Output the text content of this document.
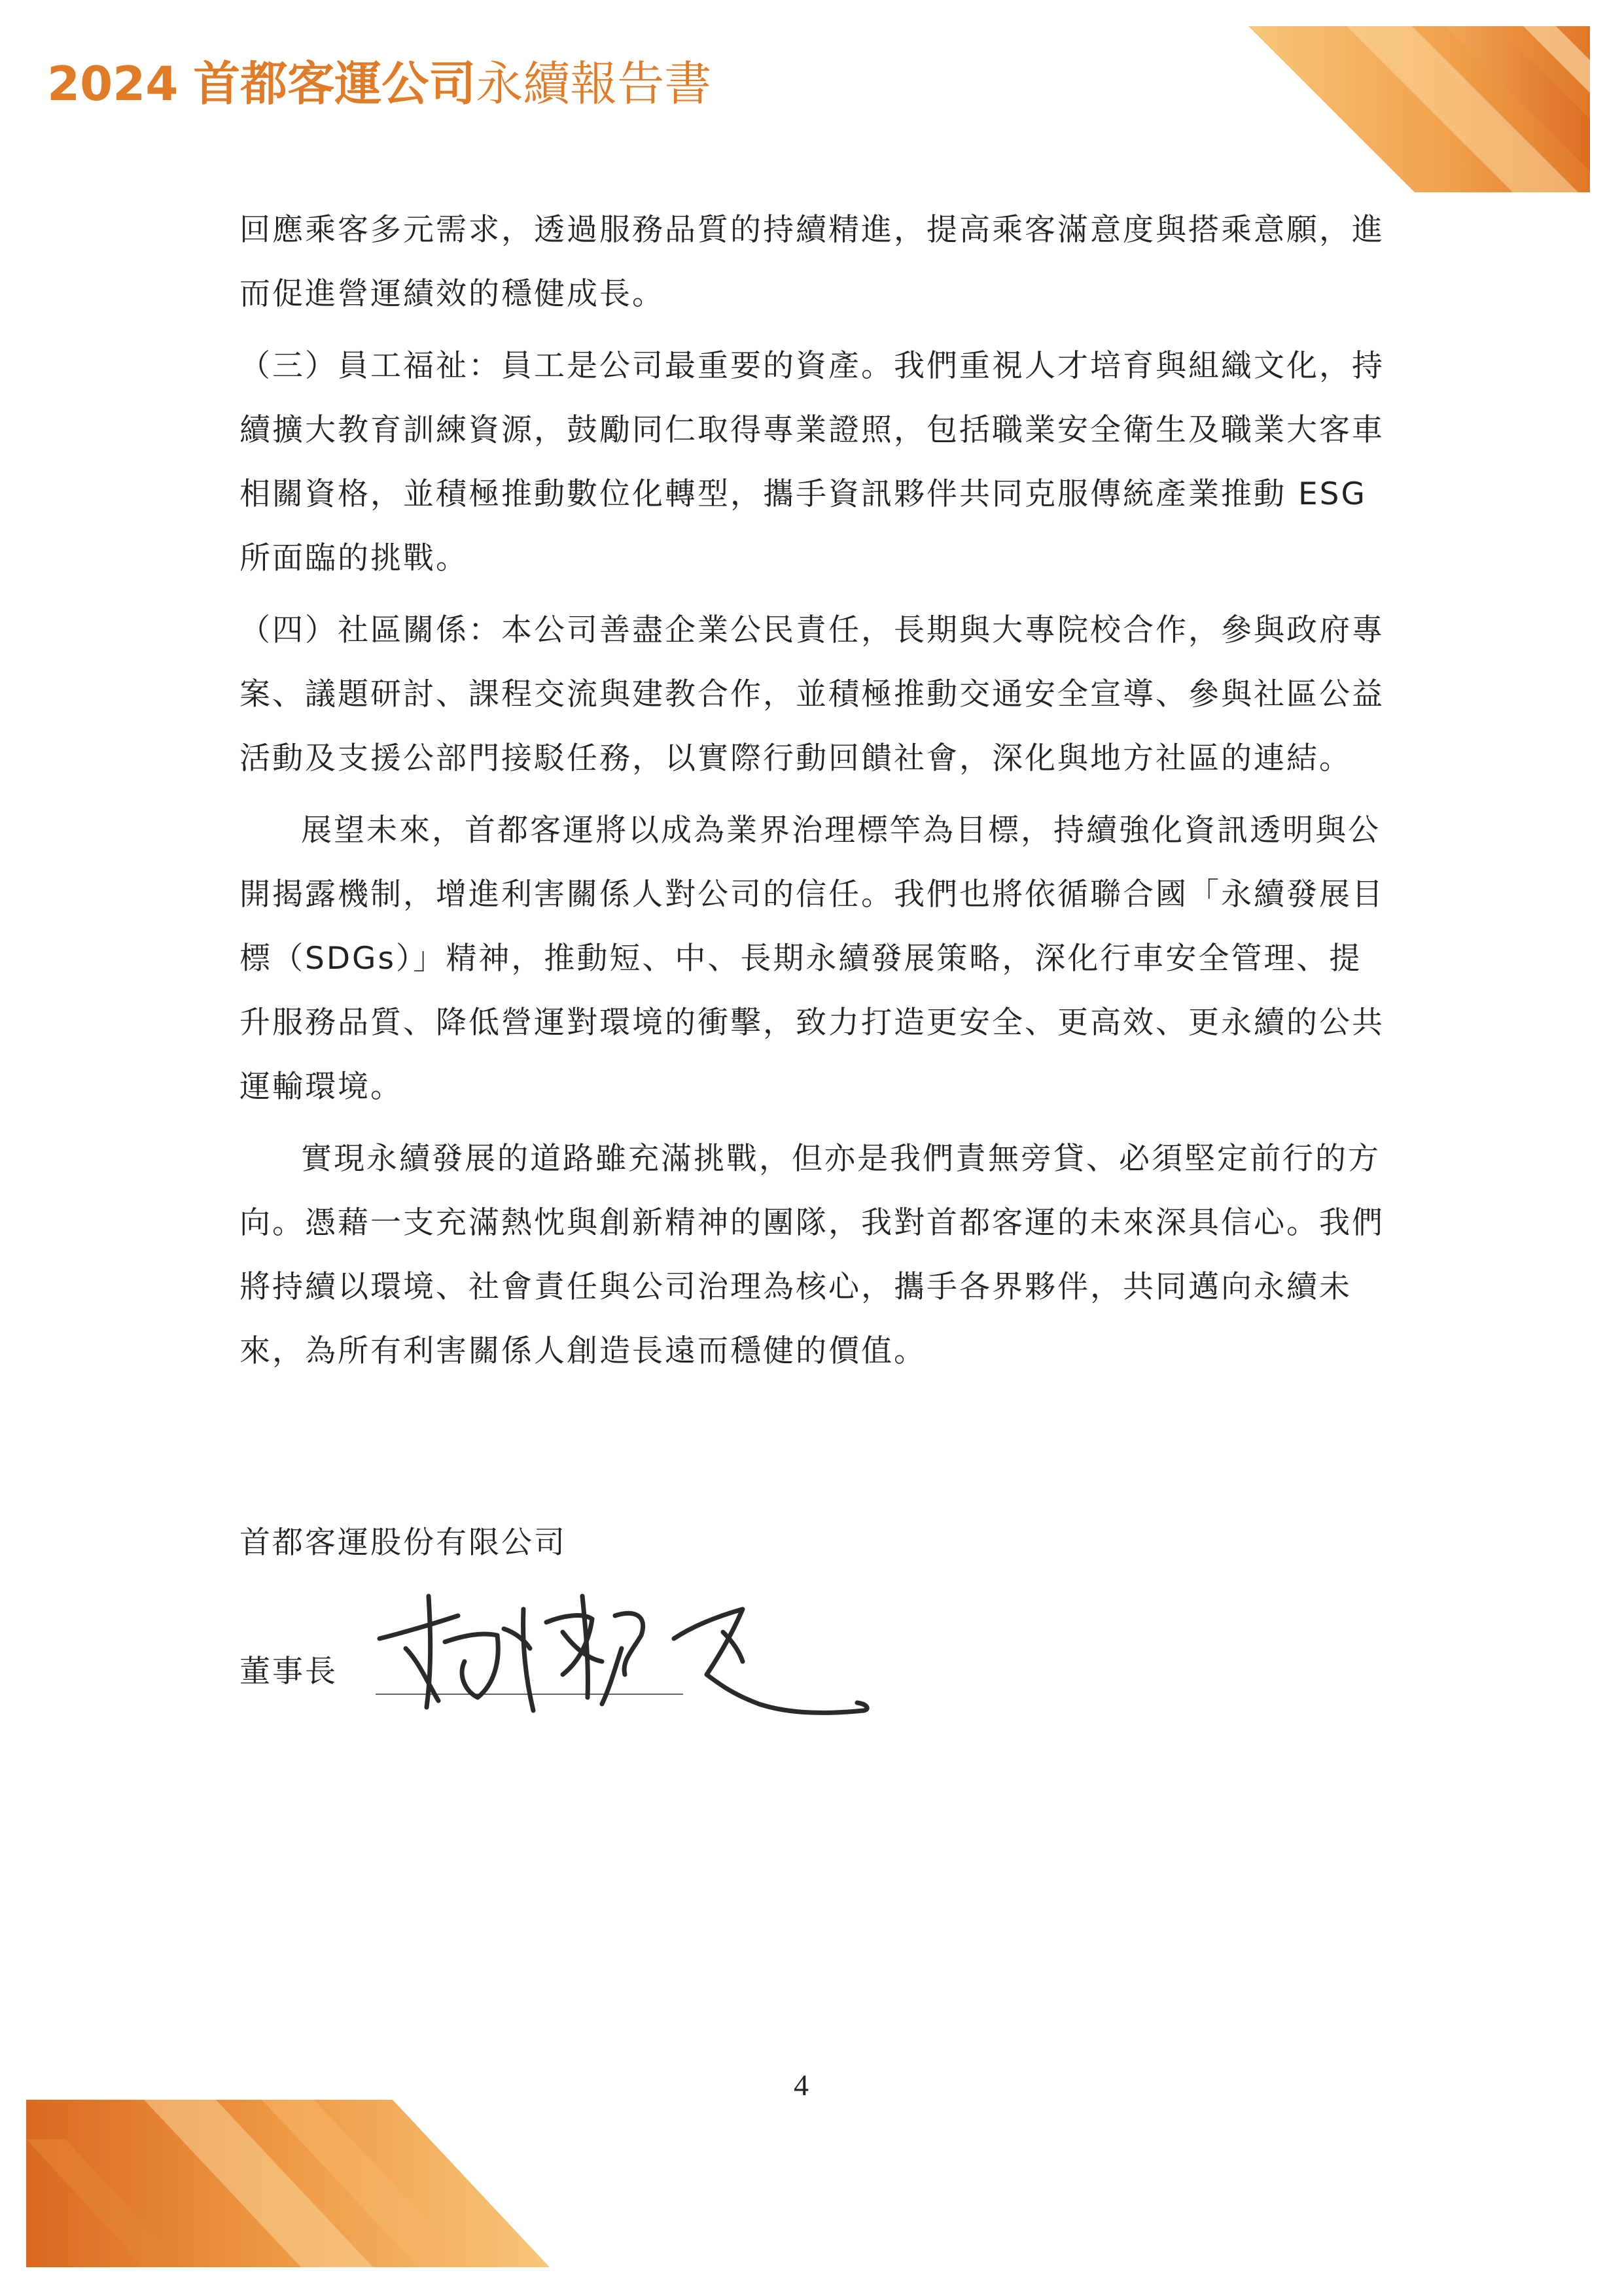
2024 首都客運公司永續報告書

回應乘客多元需求，透過服務品質的持續精進，提高乘客滿意度與搭乘意願，進而促進營運績效的穩健成長。

（三）員工福祉：員工是公司最重要的資產。我們重視人才培育與組織文化，持續擴大教育訓練資源，鼓勵同仁取得專業證照，包括職業安全衛生及職業大客車相關資格，並積極推動數位化轉型，攜手資訊夥伴共同克服傳統產業推動 ESG 所面臨的挑戰。

（四）社區關係：本公司善盡企業公民責任，長期與大專院校合作，參與政府專案、議題研討、課程交流與建教合作，並積極推動交通安全宣導、參與社區公益活動及支援公部門接駁任務，以實際行動回饋社會，深化與地方社區的連結。

展望未來，首都客運將以成為業界治理標竿為目標，持續強化資訊透明與公開揭露機制，增進利害關係人對公司的信任。我們也將依循聯合國「永續發展目標（SDGs）」精神，推動短、中、長期永續發展策略，深化行車安全管理、提升服務品質、降低營運對環境的衝擊，致力打造更安全、更高效、更永續的公共運輸環境。

實現永續發展的道路雖充滿挑戰，但亦是我們責無旁貸、必須堅定前行的方向。憑藉一支充滿熱忱與創新精神的團隊，我對首都客運的未來深具信心。我們將持續以環境、社會責任與公司治理為核心，攜手各界夥伴，共同邁向永續未來，為所有利害關係人創造長遠而穩健的價值。

首都客運股份有限公司
董事長
4
